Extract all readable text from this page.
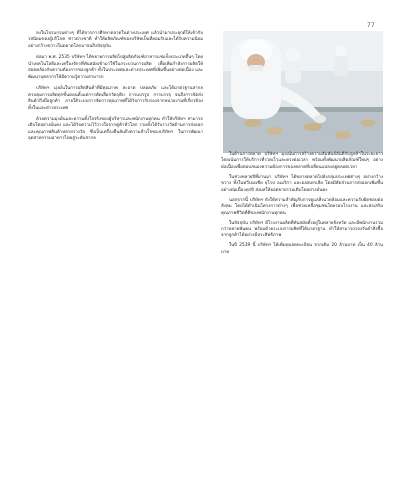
77

ลงในโปรแกรมต่างๆ ที่ได้จากการศึกษาตลาดในต่างประเทศ แล้วนำมาประยุกต์ให้เข้ากับรสนิยมของผู้บริโภค ชาวต่างชาติ ทำให้ผลิตภัณฑ์ของบริษัทเป็นที่ยอมรับและได้รับความนิยม อย่างกว้างขวางในตลาดโลกมาจนถึงปัจจุบัน

ต่อมา พ.ศ. 2535 บริษัทฯ ได้ขยายการผลิตไปสู่ผลิตภัณฑ์อาหารแช่แข็งประเภทอื่นๆ โดยนำเทคโนโลยีและเครื่องจักรที่ทันสมัยเข้ามาใช้ในกระบวนการผลิต เพื่อเพิ่มกำลังการผลิตให้สอดคล้องกับความต้องการของลูกค้า ทั้งในประเทศและต่างประเทศที่เพิ่มขึ้นอย่างต่อเนื่อง และพัฒนาบุคลากรให้มีความรู้ความสามารถ

บริษัทฯ มุ่งมั่นในการผลิตสินค้าที่มีคุณภาพ สะอาด ปลอดภัย และได้มาตรฐานสากล ควบคุมการผลิตทุกขั้นตอนตั้งแต่การคัดเลือกวัตถุดิบ การแปรรูป การบรรจุ จนถึงการจัดส่งสินค้าถึงมือลูกค้า ภายใต้ระบบการจัดการคุณภาพที่ได้รับการรับรองจากหน่วยงานที่เกี่ยวข้องทั้งในและต่างประเทศ

ด้วยความมุ่งมั่นและความตั้งใจจริงของผู้บริหารและพนักงานทุกคน ทำให้บริษัทฯ สามารถเติบโตอย่างมั่นคง และได้รับความไว้วางใจจากคู่ค้าทั่วโลก รวมทั้งได้รับรางวัลด้านการส่งออกและคุณภาพสินค้าหลายรางวัล ซึ่งเป็นเครื่องยืนยันถึงความสำเร็จของบริษัทฯ ในการพัฒนาอุตสาหกรรมอาหารไทยสู่ระดับสากล

ในด้านการตลาด บริษัทฯ มุ่งเน้นการสร้างความสัมพันธ์อันดีกับลูกค้าในระยะยาว โดยเน้นการให้บริการที่รวดเร็วและตรงต่อเวลา พร้อมทั้งพัฒนาผลิตภัณฑ์ใหม่ๆ อย่างต่อเนื่องเพื่อตอบสนองความต้องการของตลาดที่เปลี่ยนแปลงอยู่ตลอดเวลา

ในช่วงหลายปีที่ผ่านมา บริษัทฯ ได้ขยายตลาดไปยังกลุ่มประเทศต่างๆ อย่างกว้างขวาง ทั้งในทวีปเอเชีย ยุโรป อเมริกา และออสเตรเลีย โดยมีสัดส่วนการส่งออกเพิ่มขึ้นอย่างต่อเนื่องทุกปี ส่งผลให้ยอดขายรวมเติบโตอย่างมั่นคง

นอกจากนี้ บริษัทฯ ยังให้ความสำคัญกับการดูแลสิ่งแวดล้อมและความรับผิดชอบต่อสังคม โดยได้ดำเนินโครงการต่างๆ เพื่อช่วยเหลือชุมชนโดยรอบโรงงาน และส่งเสริมคุณภาพชีวิตที่ดีของพนักงานทุกคน

ในปัจจุบัน บริษัทฯ มีโรงงานผลิตที่ทันสมัยตั้งอยู่ในหลายจังหวัด และมีพนักงานรวมกว่าหลายพันคน พร้อมด้วยระบบการผลิตที่ได้มาตรฐาน ทำให้สามารถรองรับคำสั่งซื้อจากลูกค้าได้อย่างมีประสิทธิภาพ

ในปี 2539 นี้ บริษัทฯ ได้เพิ่มทุนจดทะเบียน จากเดิม 20 ล้านบาท เป็น 40 ล้านบาท
